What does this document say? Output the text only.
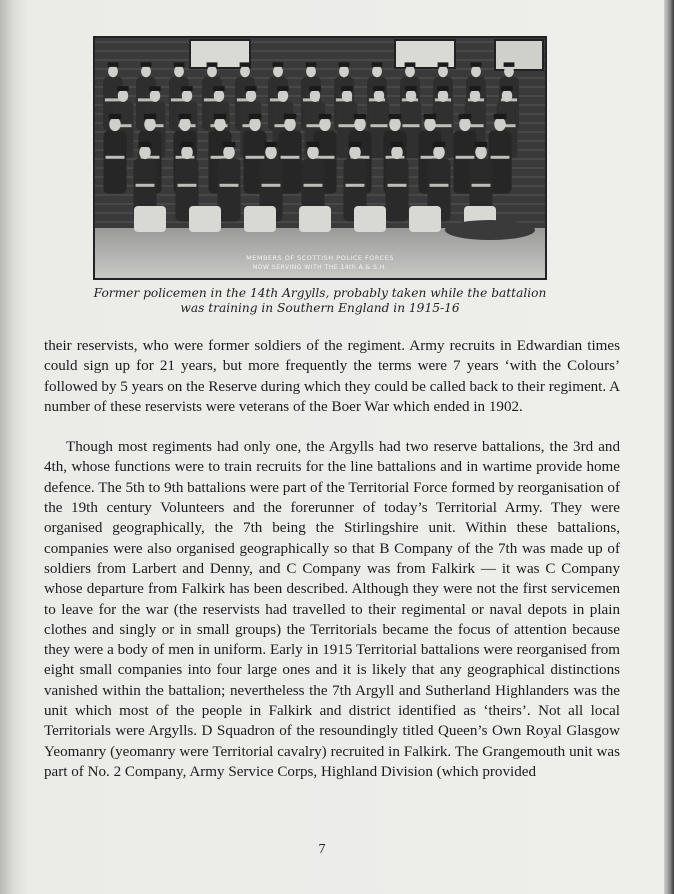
MEMBERS OF SCOTTISH POLICE FORCES
NOW SERVING WITH THE 14th A.& S.H.
Former policemen in the 14th Argylls, probably taken while the battalion
was training in Southern England in 1915-16

their reservists, who were former soldiers of the regiment. Army recruits in Edwardian times could sign up for 21 years, but more frequently the terms were 7 years ‘with the Colours’ followed by 5 years on the Reserve during which they could be called back to their regiment. A number of these reservists were veterans of the Boer War which ended in 1902.

Though most regiments had only one, the Argylls had two reserve battalions, the 3rd and 4th, whose functions were to train recruits for the line battalions and in wartime provide home defence. The 5th to 9th battalions were part of the Territorial Force formed by reorganisation of the 19th century Volunteers and the forerunner of today’s Territorial Army. They were organised geographically, the 7th being the Stirlingshire unit. Within these battalions, companies were also organised geographically so that B Company of the 7th was made up of soldiers from Larbert and Denny, and C Company was from Falkirk — it was C Company whose departure from Falkirk has been described. Although they were not the first servicemen to leave for the war (the reservists had travelled to their regimental or naval depots in plain clothes and singly or in small groups) the Territorials became the focus of attention because they were a body of men in uniform. Early in 1915 Territorial battalions were reorganised from eight small companies into four large ones and it is likely that any geographical distinctions vanished within the battalion; nevertheless the 7th Argyll and Sutherland Highlanders was the unit which most of the people in Falkirk and district identified as ‘theirs’. Not all local Territorials were Argylls. D Squadron of the resoundingly titled Queen’s Own Royal Glasgow Yeomanry (yeomanry were Territorial cavalry) recruited in Falkirk. The Grangemouth unit was part of No. 2 Company, Army Service Corps, Highland Division (which provided

7
